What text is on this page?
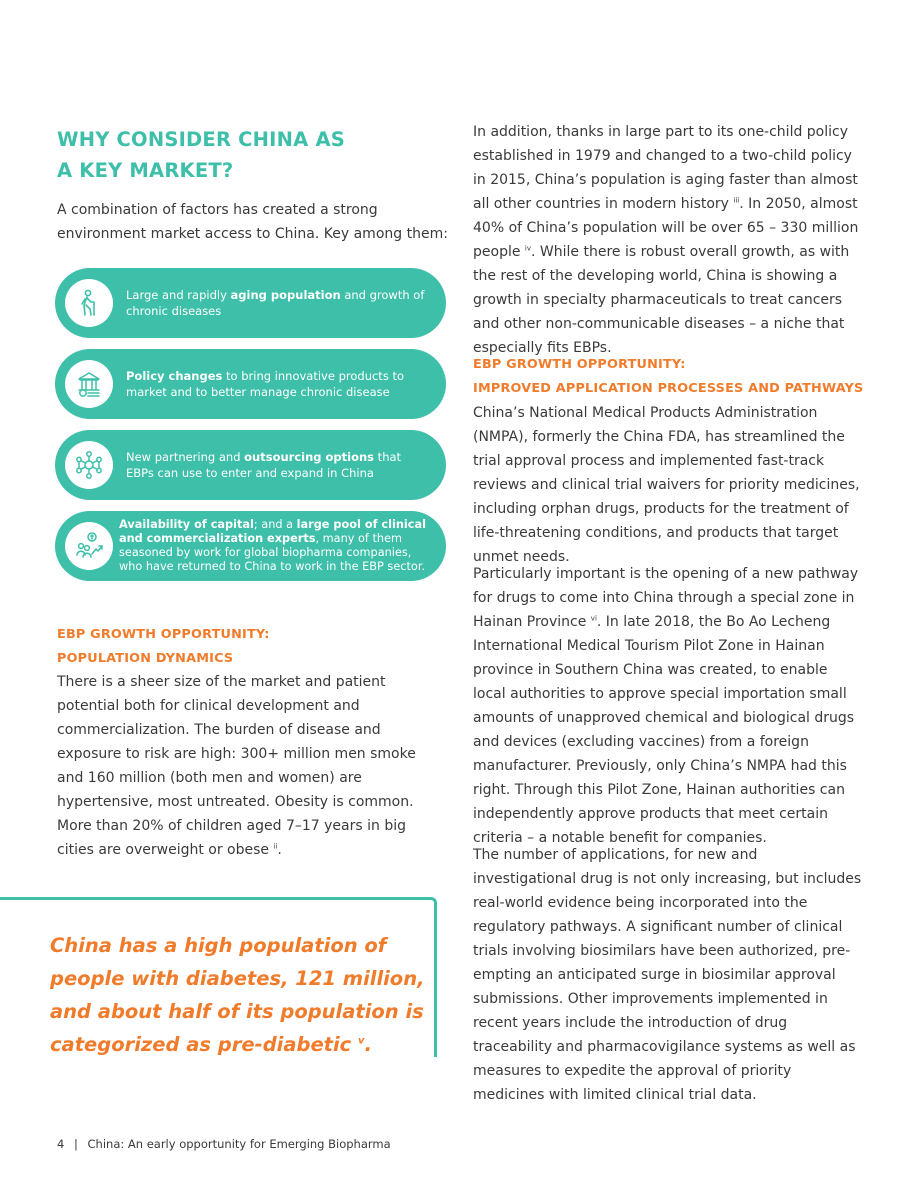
WHY CONSIDER CHINA AS
A KEY MARKET?

A combination of factors has created a strong environment market access to China. Key among them:

Large and rapidly aging population and growth of chronic diseases

Policy changes to bring innovative products to market and to better manage chronic disease

New partnering and outsourcing options that EBPs can use to enter and expand in China

Availability of capital; and a large pool of clinical and commercialization experts, many of them seasoned by work for global biopharma companies, who have returned to China to work in the EBP sector.

EBP GROWTH OPPORTUNITY:
POPULATION DYNAMICS

There is a sheer size of the market and patient potential both for clinical development and commercialization. The burden of disease and exposure to risk are high: 300+ million men smoke and 160 million (both men and women) are hypertensive, most untreated. Obesity is common. More than 20% of children aged 7–17 years in big cities are overweight or obese $^{ii}$.

China has a high population of people with diabetes, 121 million, and about half of its population is categorized as pre-diabetic $^v$.

In addition, thanks in large part to its one-child policy established in 1979 and changed to a two-child policy in 2015, China’s population is aging faster than almost all other countries in modern history $^{iii}$. In 2050, almost 40% of China’s population will be over 65 – 330 million people $^{iv}$. While there is robust overall growth, as with the rest of the developing world, China is showing a growth in specialty pharmaceuticals to treat cancers and other non-communicable diseases – a niche that especially fits EBPs.

EBP GROWTH OPPORTUNITY:
IMPROVED APPLICATION PROCESSES AND PATHWAYS

China’s National Medical Products Administration (NMPA), formerly the China FDA, has streamlined the trial approval process and implemented fast-track reviews and clinical trial waivers for priority medicines, including orphan drugs, products for the treatment of life-threatening conditions, and products that target unmet needs.

Particularly important is the opening of a new pathway for drugs to come into China through a special zone in Hainan Province $^{vi}$. In late 2018, the Bo Ao Lecheng International Medical Tourism Pilot Zone in Hainan province in Southern China was created, to enable local authorities to approve special importation small amounts of unapproved chemical and biological drugs and devices (excluding vaccines) from a foreign manufacturer. Previously, only China’s NMPA had this right. Through this Pilot Zone, Hainan authorities can independently approve products that meet certain criteria – a notable benefit for companies.

The number of applications, for new and investigational drug is not only increasing, but includes real-world evidence being incorporated into the regulatory pathways. A significant number of clinical trials involving biosimilars have been authorized, pre-empting an anticipated surge in biosimilar approval submissions. Other improvements implemented in recent years include the introduction of drug traceability and pharmacovigilance systems as well as measures to expedite the approval of priority medicines with limited clinical trial data.

4 | China: An early opportunity for Emerging Biopharma
